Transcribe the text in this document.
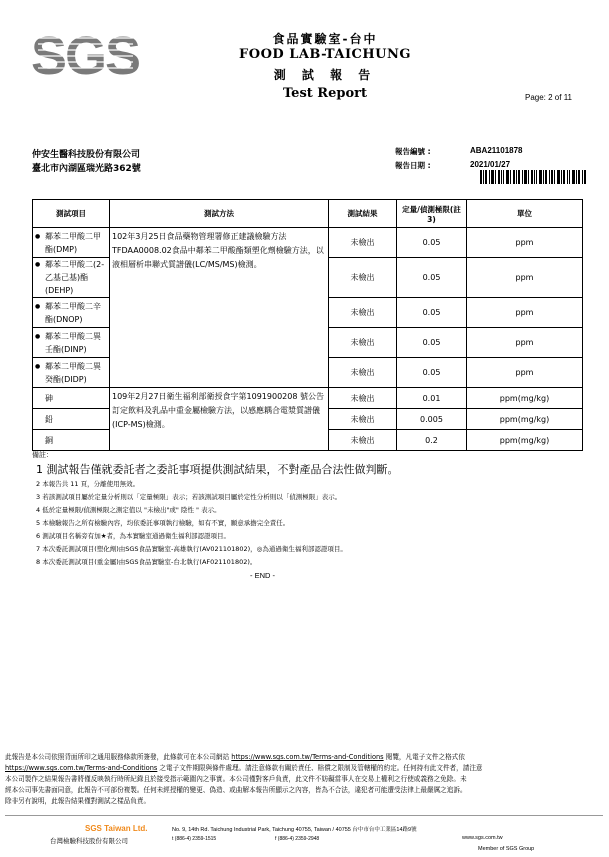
SGS	食品實驗室-台中
FOOD LAB-TAICHUNG
測 試 報 告
Test Report	Page: 2 of 11
仲安生醫科技股份有限公司
臺北市內湖區瑞光路362號
報告編號 :	ABA21101878
報告日期 :	2021/01/27
測試項目	測試方法	測試結果	定量/偵測極限(註3)	單位

● 鄰苯二甲酸二甲酯(DMP)	102年3月25日食品藥物管理署修正建議檢驗方法TFDAA0008.02食品中鄰苯二甲酸酯類塑化劑檢驗方法，以液相層析串聯式質譜儀(LC/MS/MS)檢測。	未檢出	0.05	ppm

● 鄰苯二甲酸二(2-乙基己基)酯(DEHP)		未檢出	0.05	ppm

● 鄰苯二甲酸二辛酯(DNOP)		未檢出	0.05	ppm

● 鄰苯二甲酸二異壬酯(DINP)		未檢出	0.05	ppm

● 鄰苯二甲酸二異癸酯(DIDP)		未檢出	0.05	ppm

砷	109年2月27日衛生福利部衛授食字第1091900208 號公告訂定飲料及乳品中重金屬檢驗方法，以感應耦合電漿質譜儀(ICP-MS)檢測。	未檢出	0.01	ppm(mg/kg)

鉛		未檢出	0.005	ppm(mg/kg)

銅		未檢出	0.2	ppm(mg/kg)
備註：
1 測試報告僅就委託者之委託事項提供測試結果，不對產品合法性做判斷。
2 本報告共 11 頁，分離使用無效。
3 若該測試項目屬於定量分析則以「定量極限」表示；若該測試項目屬於定性分析則以「偵測極限」表示。
4 低於定量極限/偵測極限之測定值以 "未檢出"或" 陰性 " 表示。
5 本檢驗報告之所有檢驗內容，均依委託事項執行檢驗，如有不實，願意承擔完全責任。
6 測試項目名稱旁有加★者，為本實驗室通過衛生福利部認證項目。
7 本次委託測試項目(塑化劑)由SGS食品實驗室-高雄執行(AV021101802)，◎為通過衛生福利部認證項目。
8 本次委託測試項目(重金屬)由SGS食品實驗室-台北執行(AF021101802)。
- END -
此報告是本公司依照背面所印之通用服務條款所簽發，此條款可在本公司網站 https://www.sgs.com.tw/Terms-and-Conditions 閱覽，凡電子文件之格式依
https://www.sgs.com.tw/Terms-and-Conditions 之電子文件期限與條件處理。請注意條款有關於責任、賠償之限制及管轄權的約定。任何持有此文件者，請注意
本公司製作之結果報告書將僅反映執行時所紀錄且於接受指示範圍內之事實。本公司僅對客戶負責，此文件不妨礙當事人在交易上權利之行使或義務之免除。未
經本公司事先書面同意，此報告不可部份複製。任何未經授權的變更、偽造、或曲解本報告所顯示之內容，皆為不合法，違犯者可能遭受法律上最嚴厲之追訴。
除非另有說明，此報告結果僅對測試之樣品負責。
SGS Taiwan Ltd.
台灣檢驗科技股份有限公司
No. 9, 14th Rd. Taichung Industrial Park, Taichung 40755, Taiwan / 40755 台中市台中工業區14路9號
t (886-4) 2359-1515	f (886-4) 2359-2948	www.sgs.com.tw
Member of SGS Group
